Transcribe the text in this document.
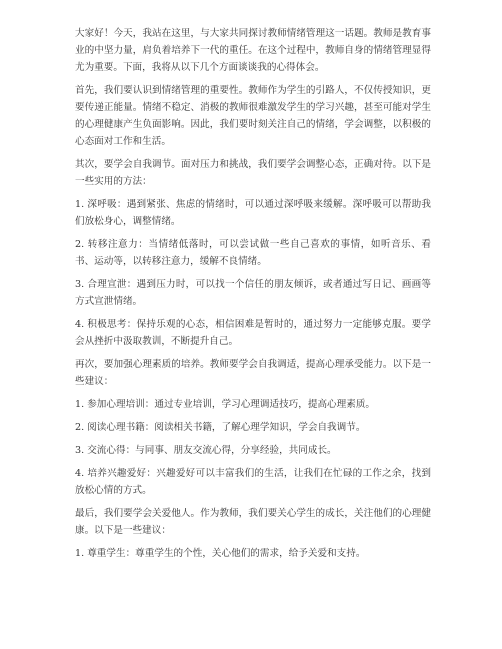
大家好！今天，我站在这里，与大家共同探讨教师情绪管理这一话题。教师是教育事业的中坚力量，肩负着培养下一代的重任。在这个过程中，教师自身的情绪管理显得尤为重要。下面，我将从以下几个方面谈谈我的心得体会。

首先，我们要认识到情绪管理的重要性。教师作为学生的引路人，不仅传授知识，更要传递正能量。情绪不稳定、消极的教师很难激发学生的学习兴趣，甚至可能对学生的心理健康产生负面影响。因此，我们要时刻关注自己的情绪，学会调整，以积极的心态面对工作和生活。

其次，要学会自我调节。面对压力和挑战，我们要学会调整心态，正确对待。以下是一些实用的方法：

1. 深呼吸：遇到紧张、焦虑的情绪时，可以通过深呼吸来缓解。深呼吸可以帮助我们放松身心，调整情绪。

2. 转移注意力：当情绪低落时，可以尝试做一些自己喜欢的事情，如听音乐、看书、运动等，以转移注意力，缓解不良情绪。

3. 合理宣泄：遇到压力时，可以找一个信任的朋友倾诉，或者通过写日记、画画等方式宣泄情绪。

4. 积极思考：保持乐观的心态，相信困难是暂时的，通过努力一定能够克服。要学会从挫折中汲取教训，不断提升自己。

再次，要加强心理素质的培养。教师要学会自我调适，提高心理承受能力。以下是一些建议：

1. 参加心理培训：通过专业培训，学习心理调适技巧，提高心理素质。

2. 阅读心理书籍：阅读相关书籍，了解心理学知识，学会自我调节。

3. 交流心得：与同事、朋友交流心得，分享经验，共同成长。

4. 培养兴趣爱好：兴趣爱好可以丰富我们的生活，让我们在忙碌的工作之余，找到放松心情的方式。

最后，我们要学会关爱他人。作为教师，我们要关心学生的成长，关注他们的心理健康。以下是一些建议：

1. 尊重学生：尊重学生的个性，关心他们的需求，给予关爱和支持。
